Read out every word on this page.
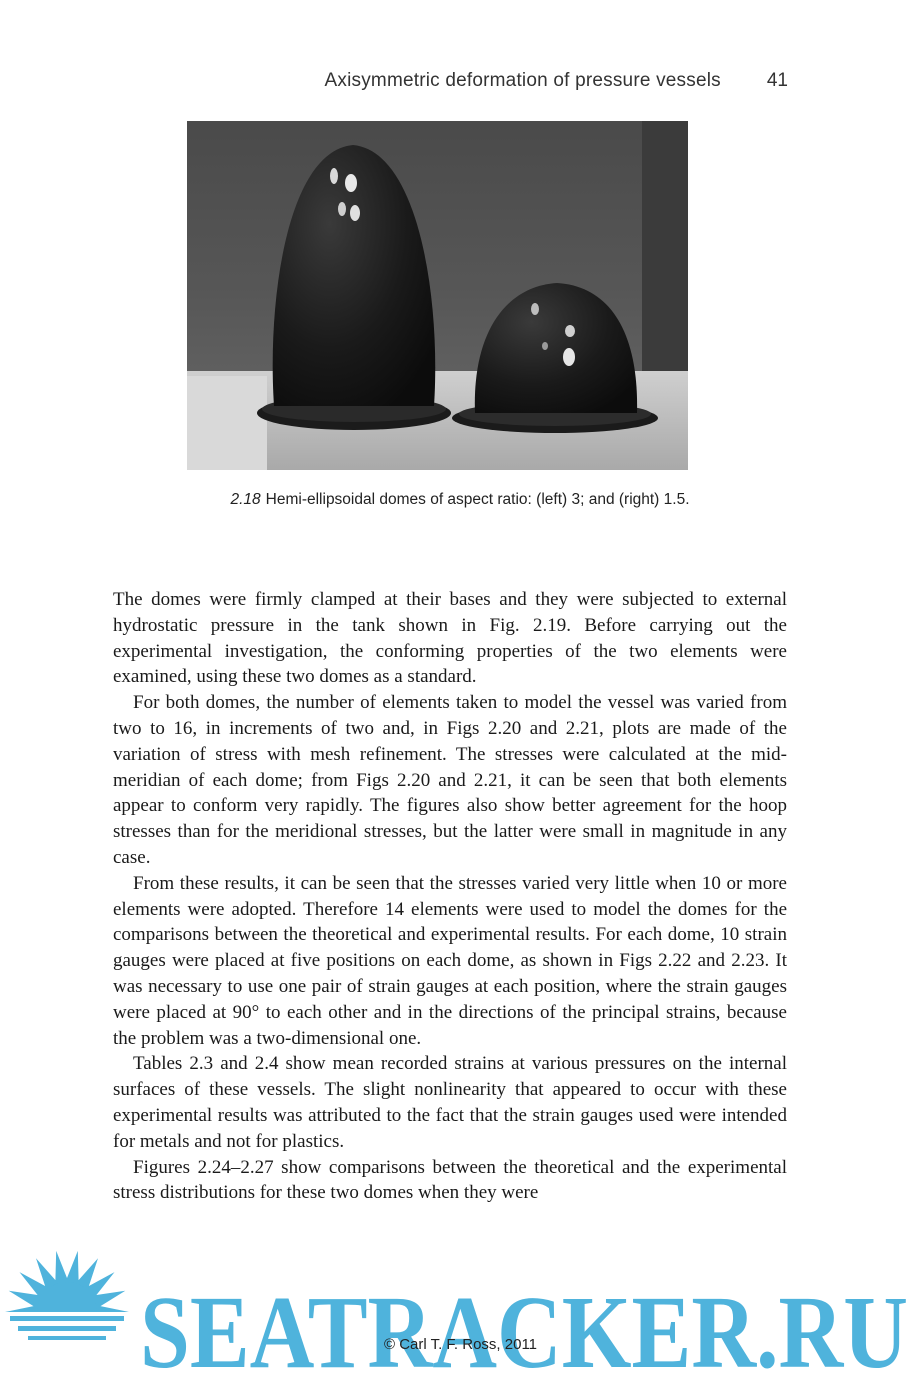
Axisymmetric deformation of pressure vessels 41
2.18 Hemi-ellipsoidal domes of aspect ratio: (left) 3; and (right) 1.5.

The domes were firmly clamped at their bases and they were subjected to external hydrostatic pressure in the tank shown in Fig. 2.19. Before carrying out the experimental investigation, the conforming properties of the two elements were examined, using these two domes as a standard.

For both domes, the number of elements taken to model the vessel was varied from two to 16, in increments of two and, in Figs 2.20 and 2.21, plots are made of the variation of stress with mesh refinement. The stresses were calculated at the mid-meridian of each dome; from Figs 2.20 and 2.21, it can be seen that both elements appear to conform very rapidly. The figures also show better agreement for the hoop stresses than for the meridional stresses, but the latter were small in magnitude in any case.

From these results, it can be seen that the stresses varied very little when 10 or more elements were adopted. Therefore 14 elements were used to model the domes for the comparisons between the theoretical and experimental results. For each dome, 10 strain gauges were placed at five positions on each dome, as shown in Figs 2.22 and 2.23. It was necessary to use one pair of strain gauges at each position, where the strain gauges were placed at 90° to each other and in the directions of the principal strains, because the problem was a two-dimensional one.

Tables 2.3 and 2.4 show mean recorded strains at various pressures on the internal surfaces of these vessels. The slight nonlinearity that appeared to occur with these experimental results was attributed to the fact that the strain gauges used were intended for metals and not for plastics.

Figures 2.24–2.27 show comparisons between the theoretical and the experimental stress distributions for these two domes when they were

SEATRACKER.RU
© Carl T. F. Ross, 2011
